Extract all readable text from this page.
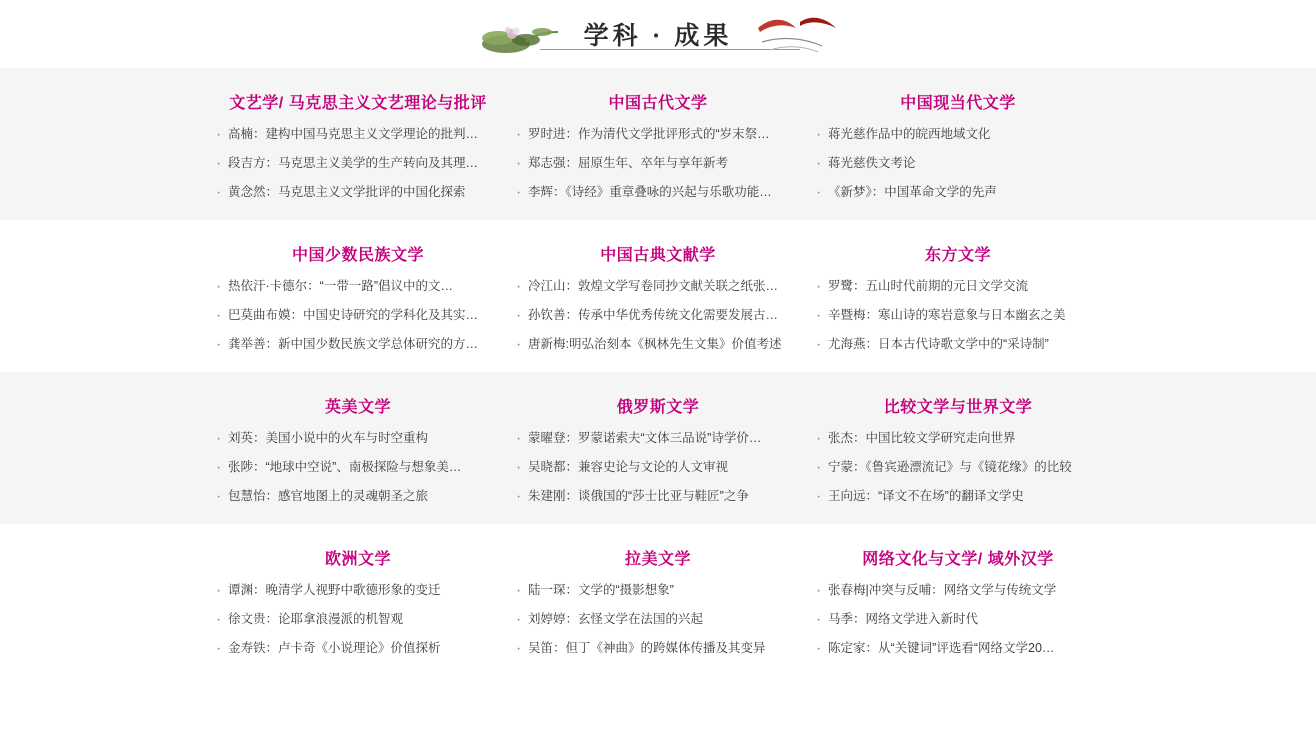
学科 · 成果
文艺学/ 马克思主义文艺理论与批评
· 高楠：建构中国马克思主义文学理论的批判…
· 段吉方：马克思主义美学的生产转向及其理…
· 黄念然：马克思主义文学批评的中国化探索
中国古代文学
· 罗时进：作为清代文学批评形式的“岁末祭…
· 郑志强：屈原生年、卒年与享年新考
· 李辉：《诗经》重章叠咏的兴起与乐歌功能…
中国现当代文学
· 蒋光慈作品中的皖西地域文化
· 蒋光慈佚文考论
· 《新梦》：中国革命文学的先声
中国少数民族文学
· 热依汗·卡德尔：“一带一路”倡议中的文…
· 巴莫曲布嫫：中国史诗研究的学科化及其实…
· 龚举善：新中国少数民族文学总体研究的方…
中国古典文献学
· 冷江山：敦煌文学写卷同抄文献关联之纸张…
· 孙钦善：传承中华优秀传统文化需要发展古…
· 唐新梅:明弘治刻本《枫林先生文集》价值考述
东方文学
· 罗鹭：五山时代前期的元日文学交流
· 辛暨梅：寒山诗的寒岩意象与日本幽玄之美
· 尤海燕：日本古代诗歌文学中的“采诗制”
英美文学
· 刘英：美国小说中的火车与时空重构
· 张陟：“地球中空说”、南极探险与想象美…
· 包慧怡：感官地图上的灵魂朝圣之旅
俄罗斯文学
· 蒙曜登：罗蒙诺索夫“文体三品说”诗学价…
· 吴晓都：兼容史论与文论的人文审视
· 朱建刚：谈俄国的“莎士比亚与鞋匠”之争
比较文学与世界文学
· 张杰：中国比较文学研究走向世界
· 宁蒙：《鲁宾逊漂流记》与《镜花缘》的比较
· 王向远：“译文不在场”的翻译文学史
欧洲文学
· 谭渊：晚清学人视野中歌德形象的变迁
· 徐文贵：论耶拿浪漫派的机智观
· 金寿铁：卢卡奇《小说理论》价值探析
拉美文学
· 陆一琛：文学的“摄影想象”
· 刘婷婷：玄怪文学在法国的兴起
· 吴笛：但丁《神曲》的跨媒体传播及其变异
网络文化与文学/ 域外汉学
· 张春梅|冲突与反哺：网络文学与传统文学
· 马季：网络文学进入新时代
· 陈定家：从“关键词”评选看“网络文学20…
